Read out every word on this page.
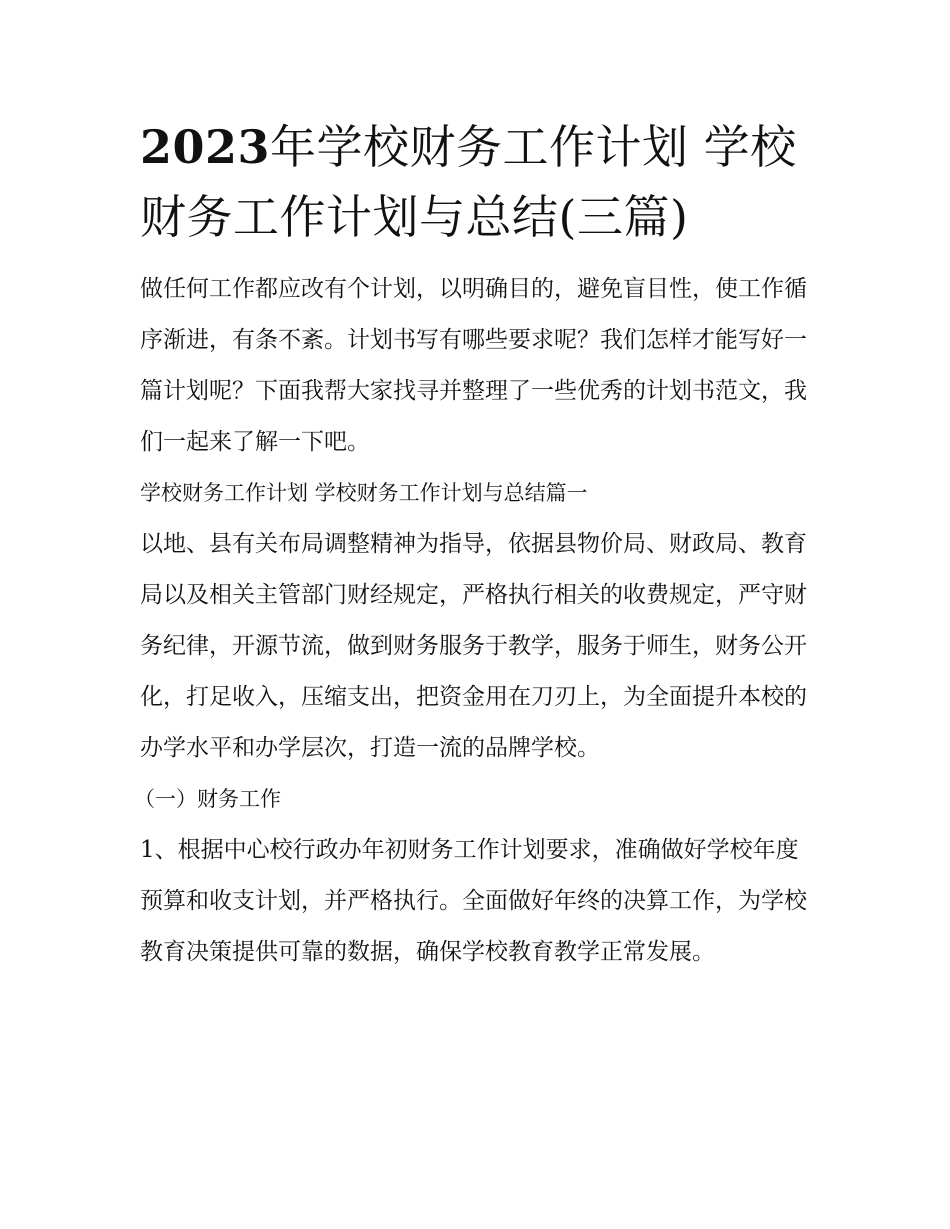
2023年学校财务工作计划 学校财务工作计划与总结(三篇)

做任何工作都应改有个计划，以明确目的，避免盲目性，使工作循序渐进，有条不紊。计划书写有哪些要求呢？我们怎样才能写好一篇计划呢？下面我帮大家找寻并整理了一些优秀的计划书范文，我们一起来了解一下吧。

学校财务工作计划 学校财务工作计划与总结篇一

以地、县有关布局调整精神为指导，依据县物价局、财政局、教育局以及相关主管部门财经规定，严格执行相关的收费规定，严守财务纪律，开源节流，做到财务服务于教学，服务于师生，财务公开化，打足收入，压缩支出，把资金用在刀刃上，为全面提升本校的办学水平和办学层次，打造一流的品牌学校。

（一）财务工作

1、根据中心校行政办年初财务工作计划要求，准确做好学校年度预算和收支计划，并严格执行。全面做好年终的决算工作，为学校教育决策提供可靠的数据，确保学校教育教学正常发展。
